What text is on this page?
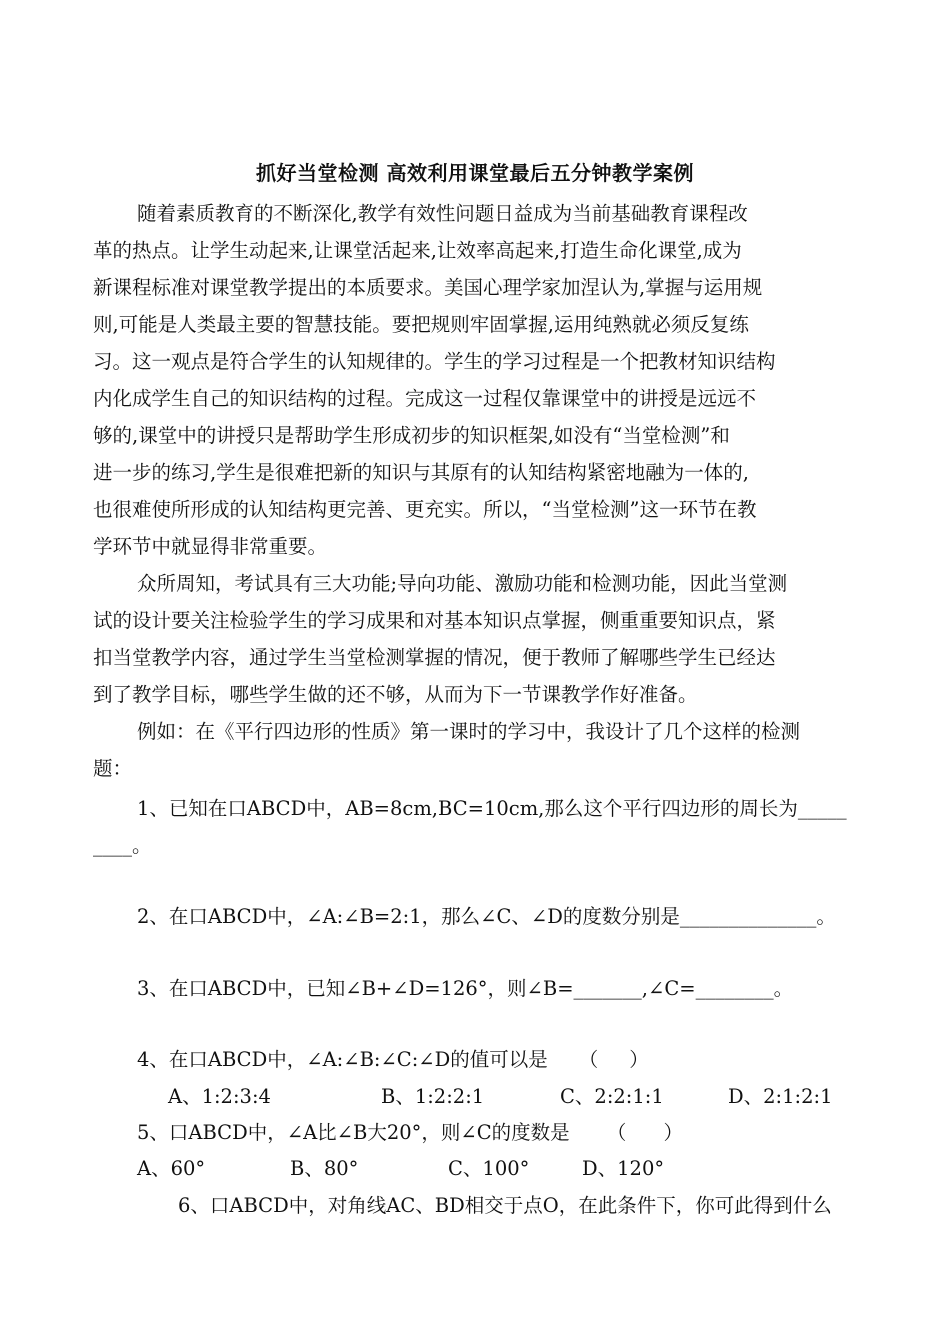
抓好当堂检测 高效利用课堂最后五分钟教学案例
随着素质教育的不断深化,教学有效性问题日益成为当前基础教育课程改
革的热点。让学生动起来,让课堂活起来,让效率高起来,打造生命化课堂,成为
新课程标准对课堂教学提出的本质要求。美国心理学家加涅认为,掌握与运用规
则,可能是人类最主要的智慧技能。要把规则牢固掌握,运用纯熟就必须反复练
习。这一观点是符合学生的认知规律的。学生的学习过程是一个把教材知识结构
内化成学生自己的知识结构的过程。完成这一过程仅靠课堂中的讲授是远远不
够的,课堂中的讲授只是帮助学生形成初步的知识框架,如没有“当堂检测”和
进一步的练习,学生是很难把新的知识与其原有的认知结构紧密地融为一体的,
也很难使所形成的认知结构更完善、更充实。所以，“当堂检测”这一环节在教
学环节中就显得非常重要。
众所周知，考试具有三大功能;导向功能、激励功能和检测功能，因此当堂测
试的设计要关注检验学生的学习成果和对基本知识点掌握，侧重重要知识点，紧
扣当堂教学内容，通过学生当堂检测掌握的情况，便于教师了解哪些学生已经达
到了教学目标，哪些学生做的还不够，从而为下一节课教学作好准备。
例如：在《平行四边形的性质》第一课时的学习中，我设计了几个这样的检测
题：
1、已知在口ABCD中，AB=8cm,BC=10cm,那么这个平行四边形的周长为_____
____。
2、在口ABCD中，∠A:∠B=2:1，那么∠C、∠D的度数分别是______________。
3、在口ABCD中，已知∠B+∠D=126°，则∠B=_______,∠C=________。
4、在口ABCD中，∠A:∠B:∠C:∠D的值可以是     （     ）
A、1:2:3:4	B、1:2:2:1	C、2:2:1:1	D、2:1:2:1
5、口ABCD中，∠A比∠B大20°，则∠C的度数是      （      ）
A、60°	B、80°	C、100°	D、120°
6、口ABCD中，对角线AC、BD相交于点O，在此条件下，你可此得到什么
